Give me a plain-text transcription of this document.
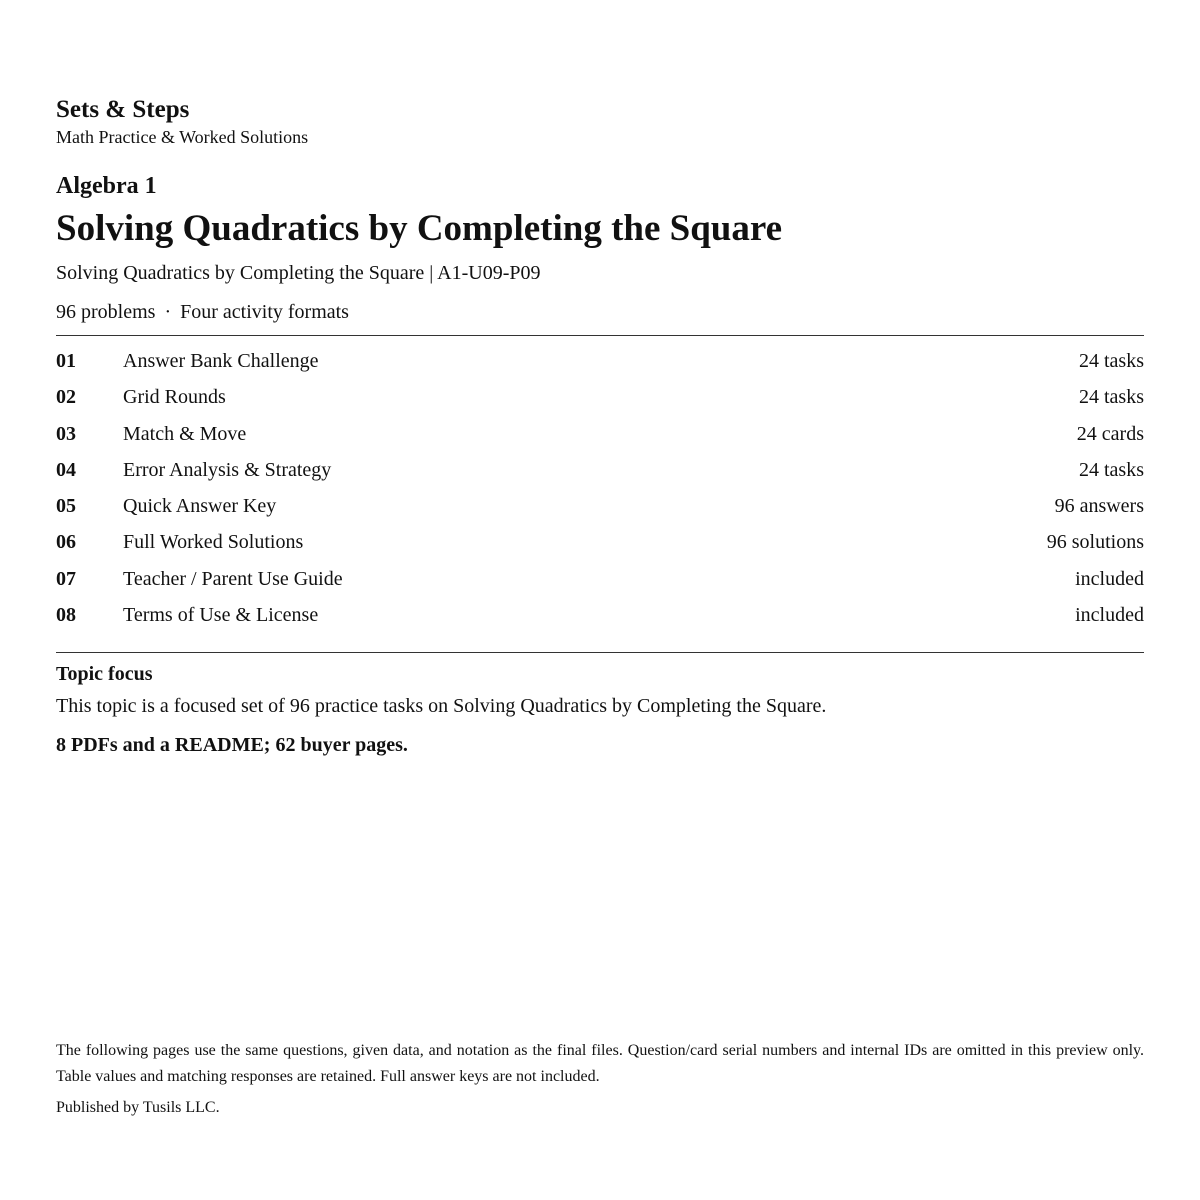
Sets & Steps
Math Practice & Worked Solutions
Algebra 1
Solving Quadratics by Completing the Square
Solving Quadratics by Completing the Square | A1-U09-P09
96 problems · Four activity formats
01 Answer Bank Challenge	24 tasks
02 Grid Rounds	24 tasks
03 Match & Move	24 cards
04 Error Analysis & Strategy	24 tasks
05 Quick Answer Key	96 answers
06 Full Worked Solutions	96 solutions
07 Teacher / Parent Use Guide	included
08 Terms of Use & License	included
Topic focus
This topic is a focused set of 96 practice tasks on Solving Quadratics by Completing the Square.
8 PDFs and a README; 62 buyer pages.
The following pages use the same questions, given data, and notation as the final files. Question/card serial numbers and internal IDs are omitted in this preview only. Table values and matching responses are retained. Full answer keys are not included.
Published by Tusils LLC.
